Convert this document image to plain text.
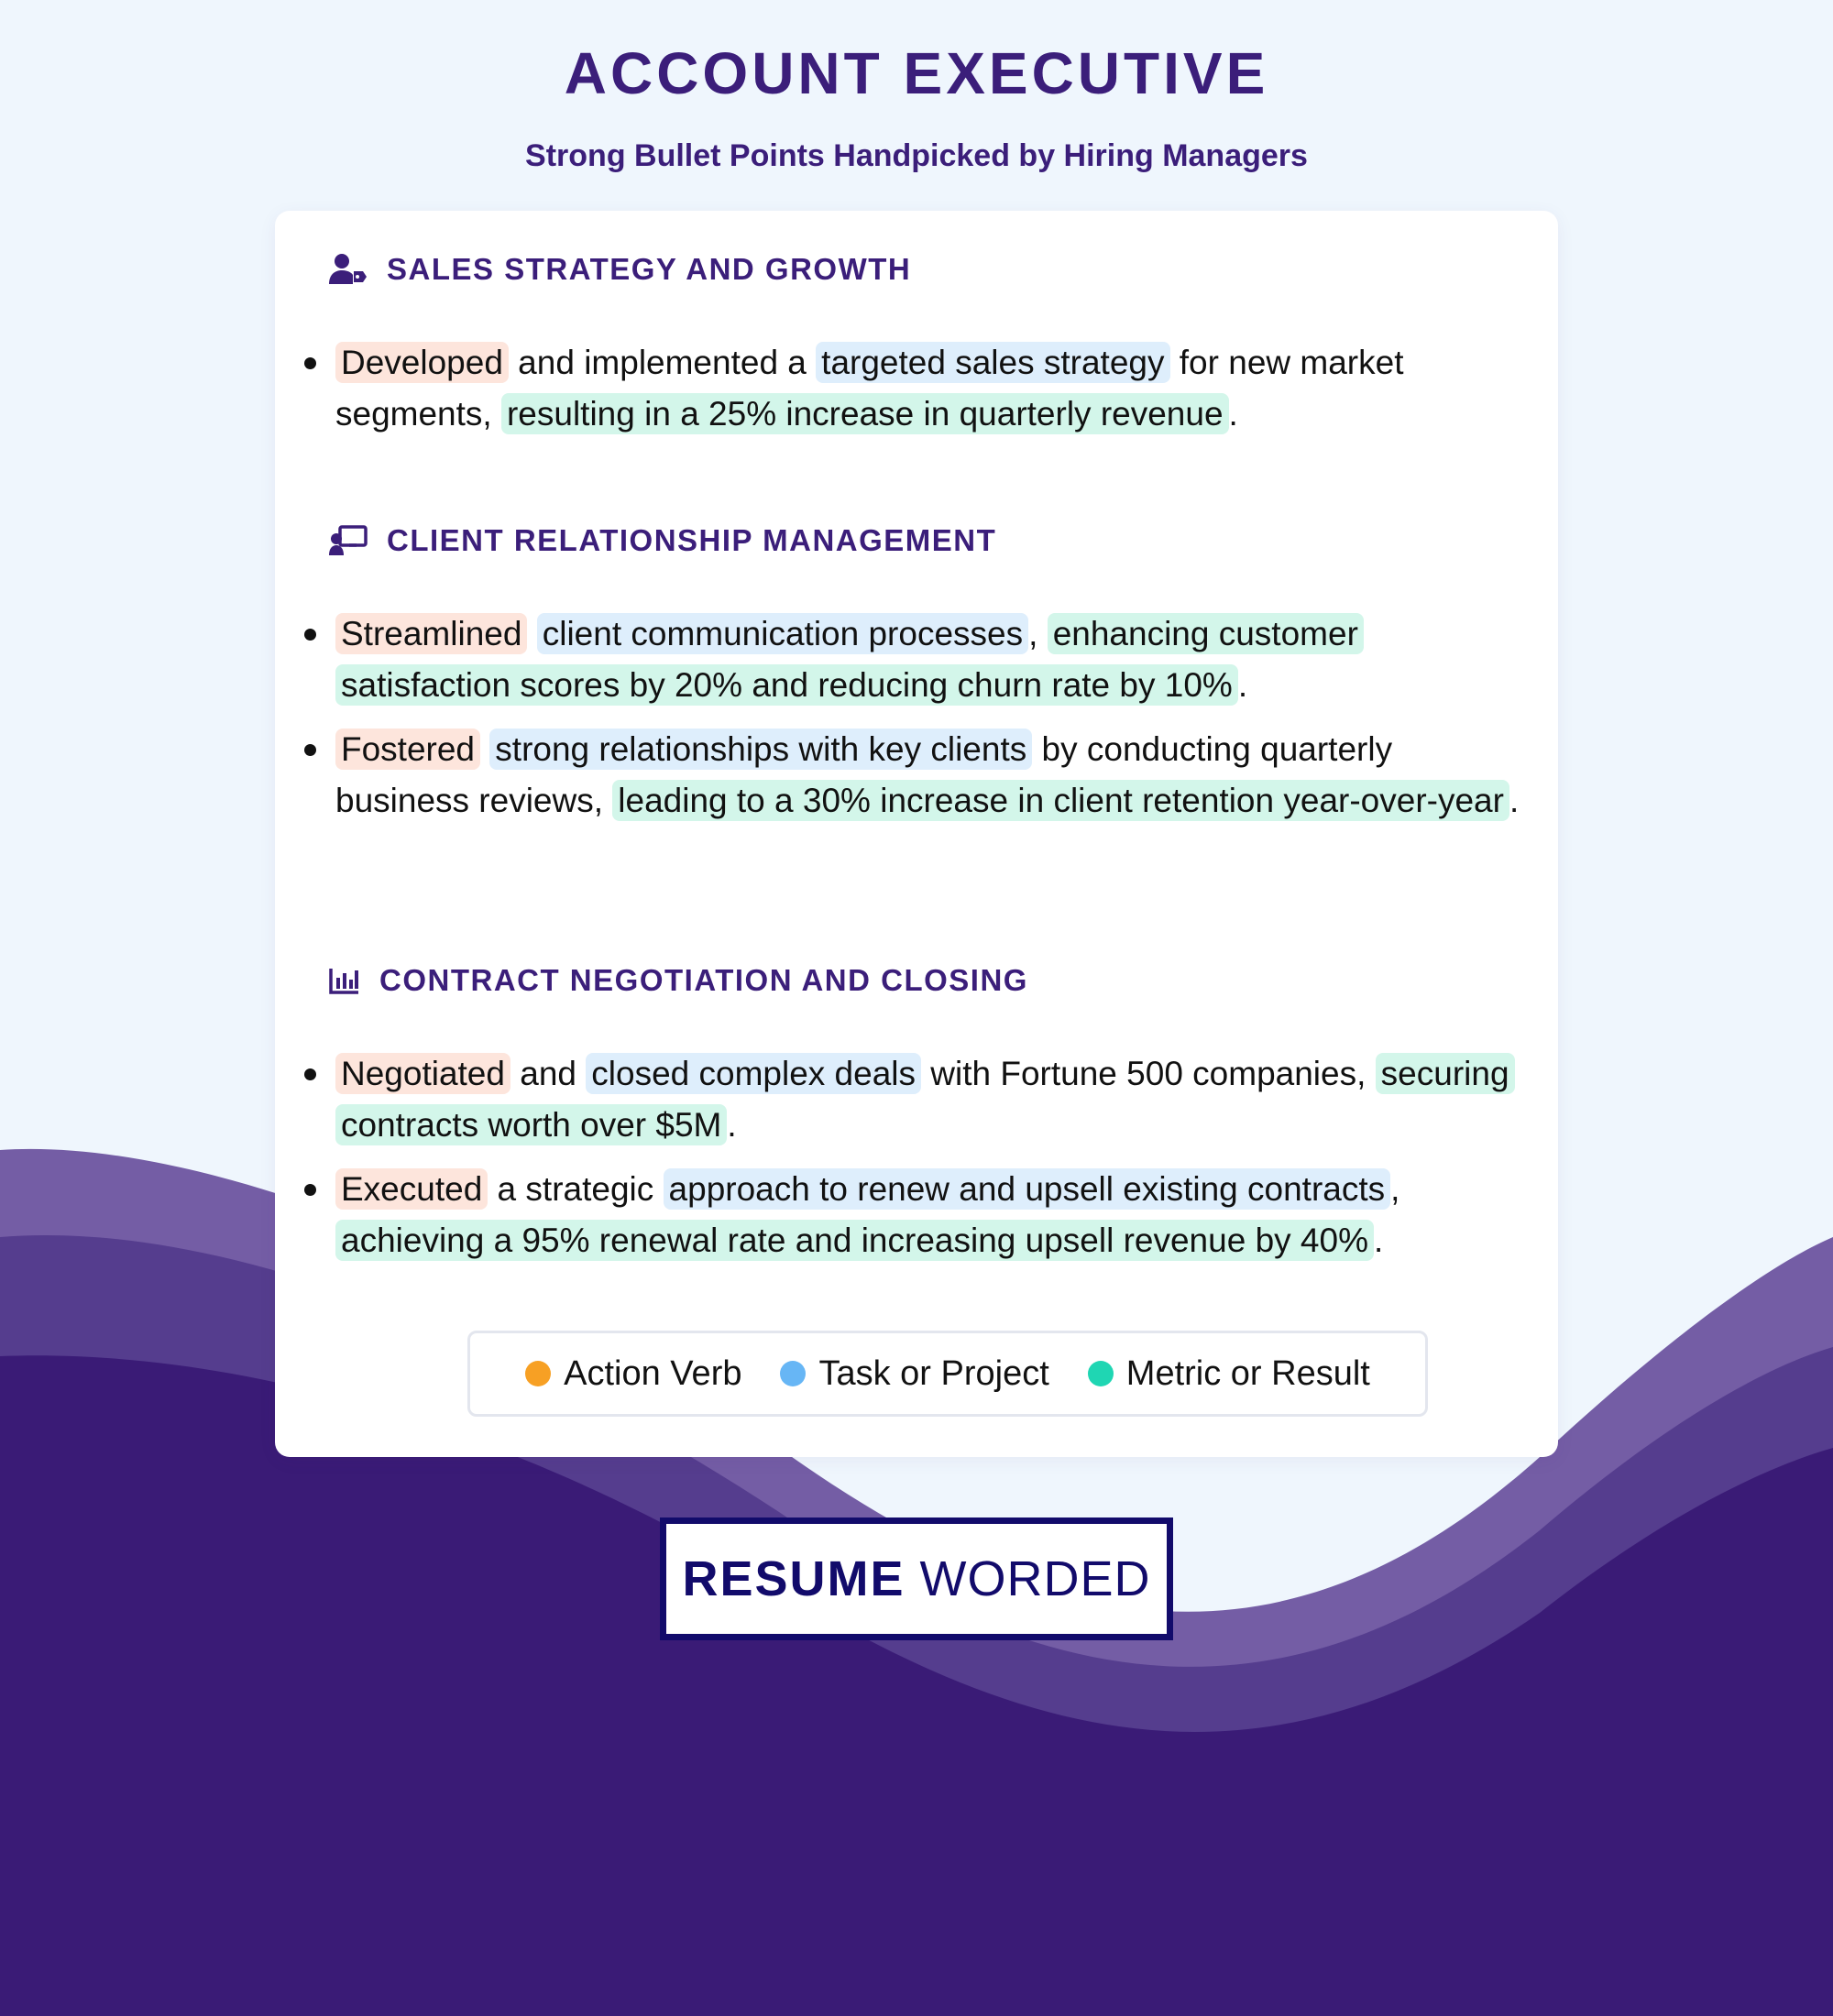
ACCOUNT EXECUTIVE
Strong Bullet Points Handpicked by Hiring Managers
SALES STRATEGY AND GROWTH
Developed and implemented a targeted sales strategy for new market segments, resulting in a 25% increase in quarterly revenue .
CLIENT RELATIONSHIP MANAGEMENT
Streamlined client communication processes , enhancing customer satisfaction scores by 20% and reducing churn rate by 10% .
Fostered strong relationships with key clients by conducting quarterly business reviews, leading to a 30% increase in client retention year-over-year .
CONTRACT NEGOTIATION AND CLOSING
Negotiated and closed complex deals with Fortune 500 companies, securing contracts worth over $5M .
Executed a strategic approach to renew and upsell existing contracts , achieving a 95% renewal rate and increasing upsell revenue by 40% .
Action Verb Task or Project Metric or Result
RESUME WORDED
